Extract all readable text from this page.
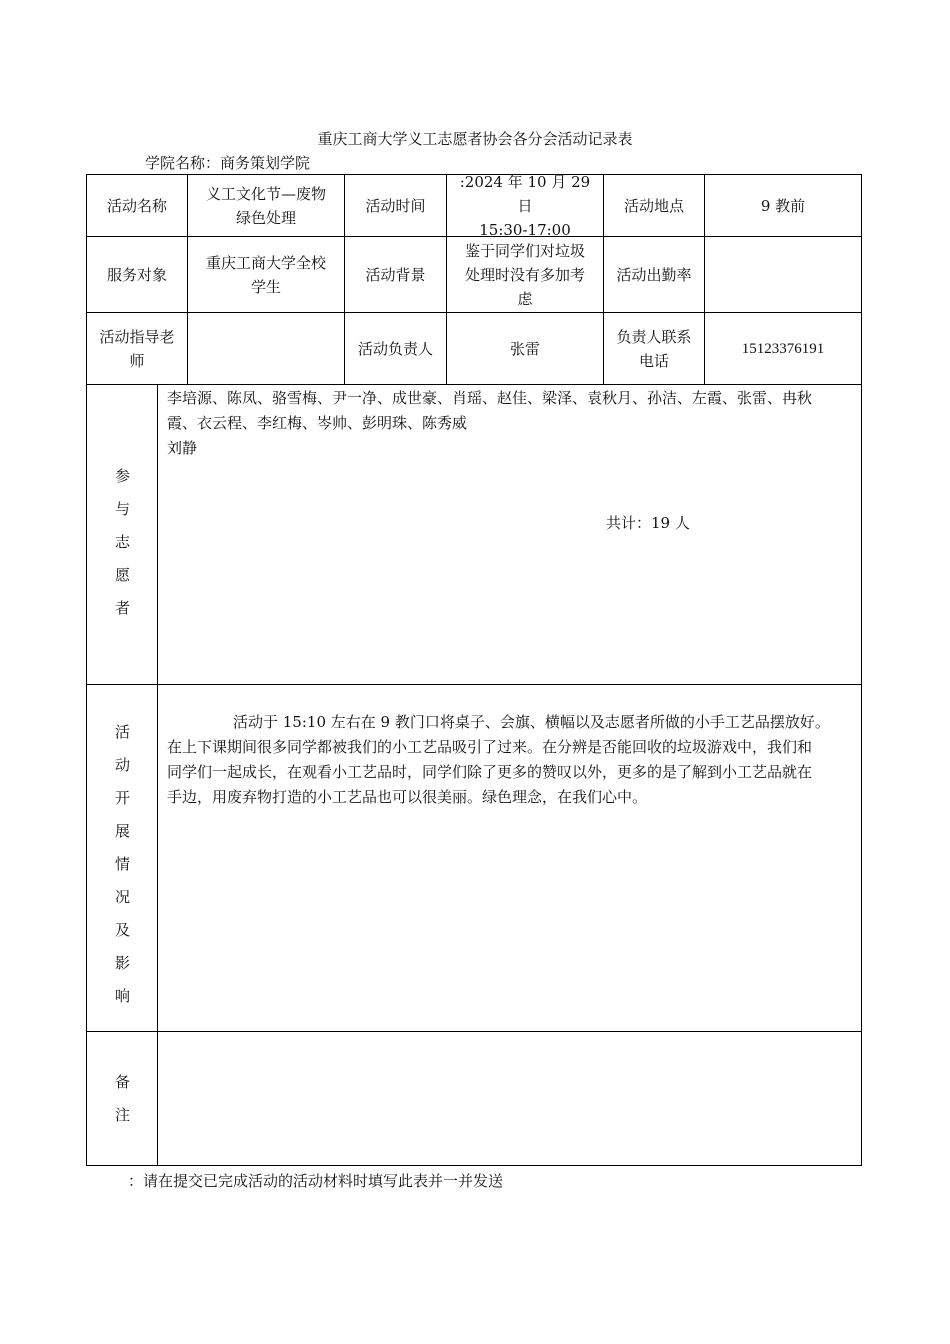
重庆工商大学义工志愿者协会各分会活动记录表
学院名称：商务策划学院
活动名称
义工文化节—废物
绿色处理
活动时间
:2024 年 10 月 29 日
15:30-17:00
活动地点	9 教前
服务对象
重庆工商大学全校
学生
活动背景
鉴于同学们对垃圾
处理时没有多加考
虑
活动出勤率
活动指导老
师
活动负责人	张雷
负责人联系
电话
15123376191
参
与
志
愿
者
李培源、陈凤、骆雪梅、尹一净、成世豪、肖瑶、赵佳、梁泽、袁秋月、孙洁、左霞、张雷、冉秋
霞、衣云程、李红梅、岑帅、彭明珠、陈秀威
刘静
共计：19 人
活
动
开
展
情
况
及
影
响
活动于 15:10 左右在 9 教门口将桌子、会旗、横幅以及志愿者所做的小手工艺品摆放好。
在上下课期间很多同学都被我们的小工艺品吸引了过来。在分辨是否能回收的垃圾游戏中，我们和
同学们一起成长，在观看小工艺品时，同学们除了更多的赞叹以外，更多的是了解到小工艺品就在
手边，用废弃物打造的小工艺品也可以很美丽。绿色理念，在我们心中。
备
注
：请在提交已完成活动的活动材料时填写此表并一并发送
